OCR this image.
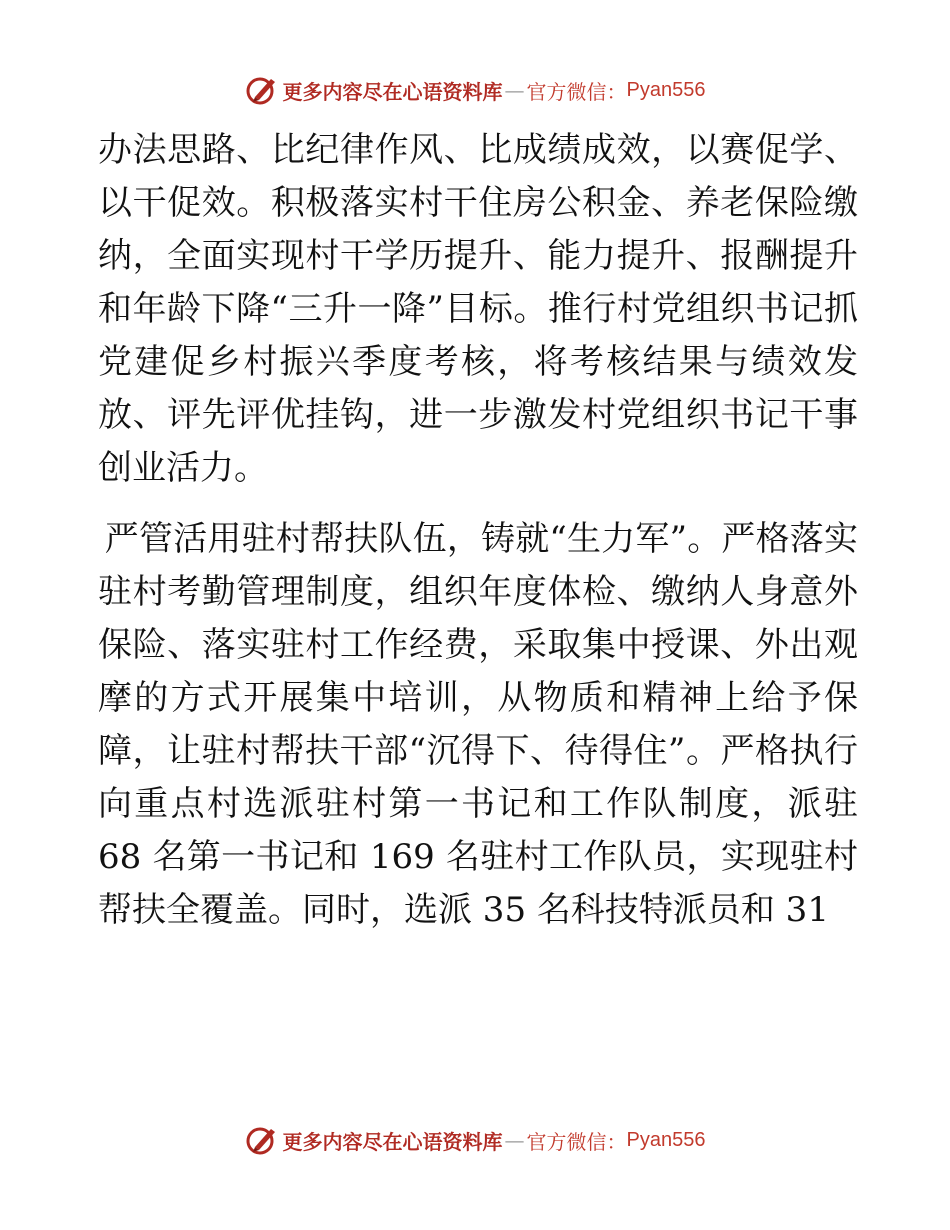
更多内容尽在心语资料库 — 官方微信： Pyan556

办法思路、比纪律作风、比成绩成效，以赛促学、以干促效。积极落实村干住房公积金、养老保险缴纳，全面实现村干学历提升、能力提升、报酬提升和年龄下降“三升一降”目标。推行村党组织书记抓党建促乡村振兴季度考核，将考核结果与绩效发放、评先评优挂钩，进一步激发村党组织书记干事创业活力。

严管活用驻村帮扶队伍，铸就“生力军”。严格落实驻村考勤管理制度，组织年度体检、缴纳人身意外保险、落实驻村工作经费，采取集中授课、外出观摩的方式开展集中培训，从物质和精神上给予保障，让驻村帮扶干部“沉得下、待得住”。严格执行向重点村选派驻村第一书记和工作队制度，派驻 68 名第一书记和 169 名驻村工作队员，实现驻村帮扶全覆盖。同时，选派 35 名科技特派员和 31

更多内容尽在心语资料库 — 官方微信： Pyan556
